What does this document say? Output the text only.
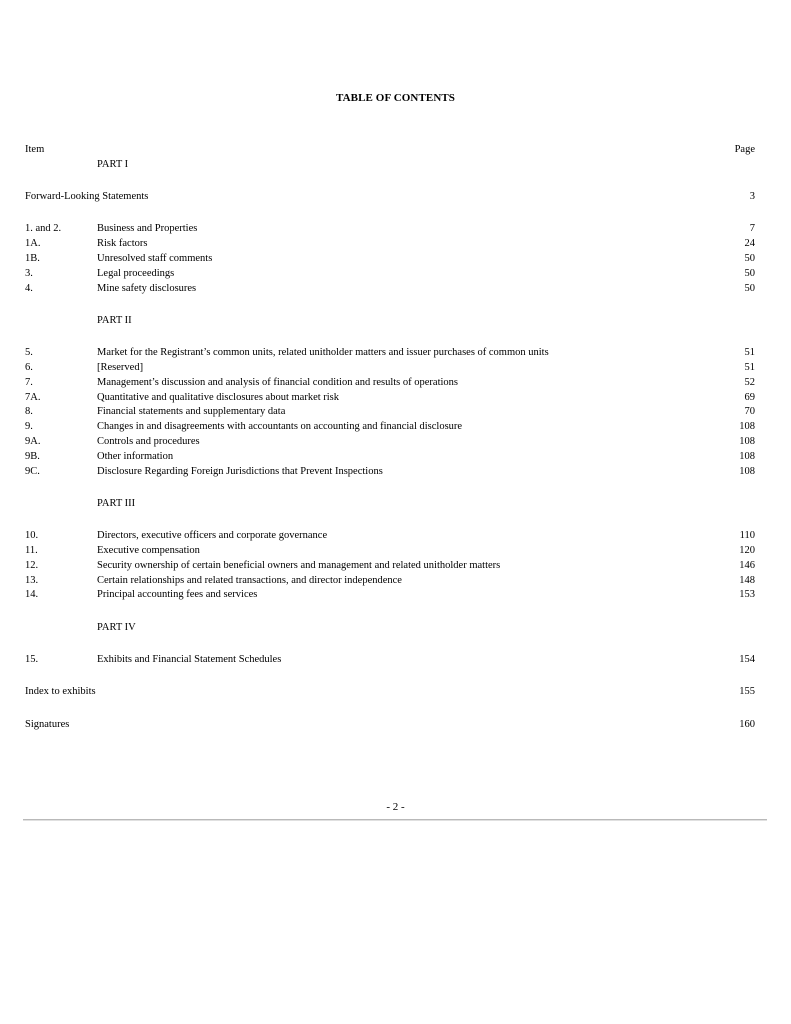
TABLE OF CONTENTS
Item	Page
PART I
Forward-Looking Statements	3
1. and 2.	Business and Properties	7
1A.	Risk factors	24
1B.	Unresolved staff comments	50
3.	Legal proceedings	50
4.	Mine safety disclosures	50
PART II
5.	Market for the Registrant’s common units, related unitholder matters and issuer purchases of common units	51
6.	[Reserved]	51
7.	Management’s discussion and analysis of financial condition and results of operations	52
7A.	Quantitative and qualitative disclosures about market risk	69
8.	Financial statements and supplementary data	70
9.	Changes in and disagreements with accountants on accounting and financial disclosure	108
9A.	Controls and procedures	108
9B.	Other information	108
9C.	Disclosure Regarding Foreign Jurisdictions that Prevent Inspections	108
PART III
10.	Directors, executive officers and corporate governance	110
11.	Executive compensation	120
12.	Security ownership of certain beneficial owners and management and related unitholder matters	146
13.	Certain relationships and related transactions, and director independence	148
14.	Principal accounting fees and services	153
PART IV
15.	Exhibits and Financial Statement Schedules	154
Index to exhibits	155
Signatures	160
- 2 -
